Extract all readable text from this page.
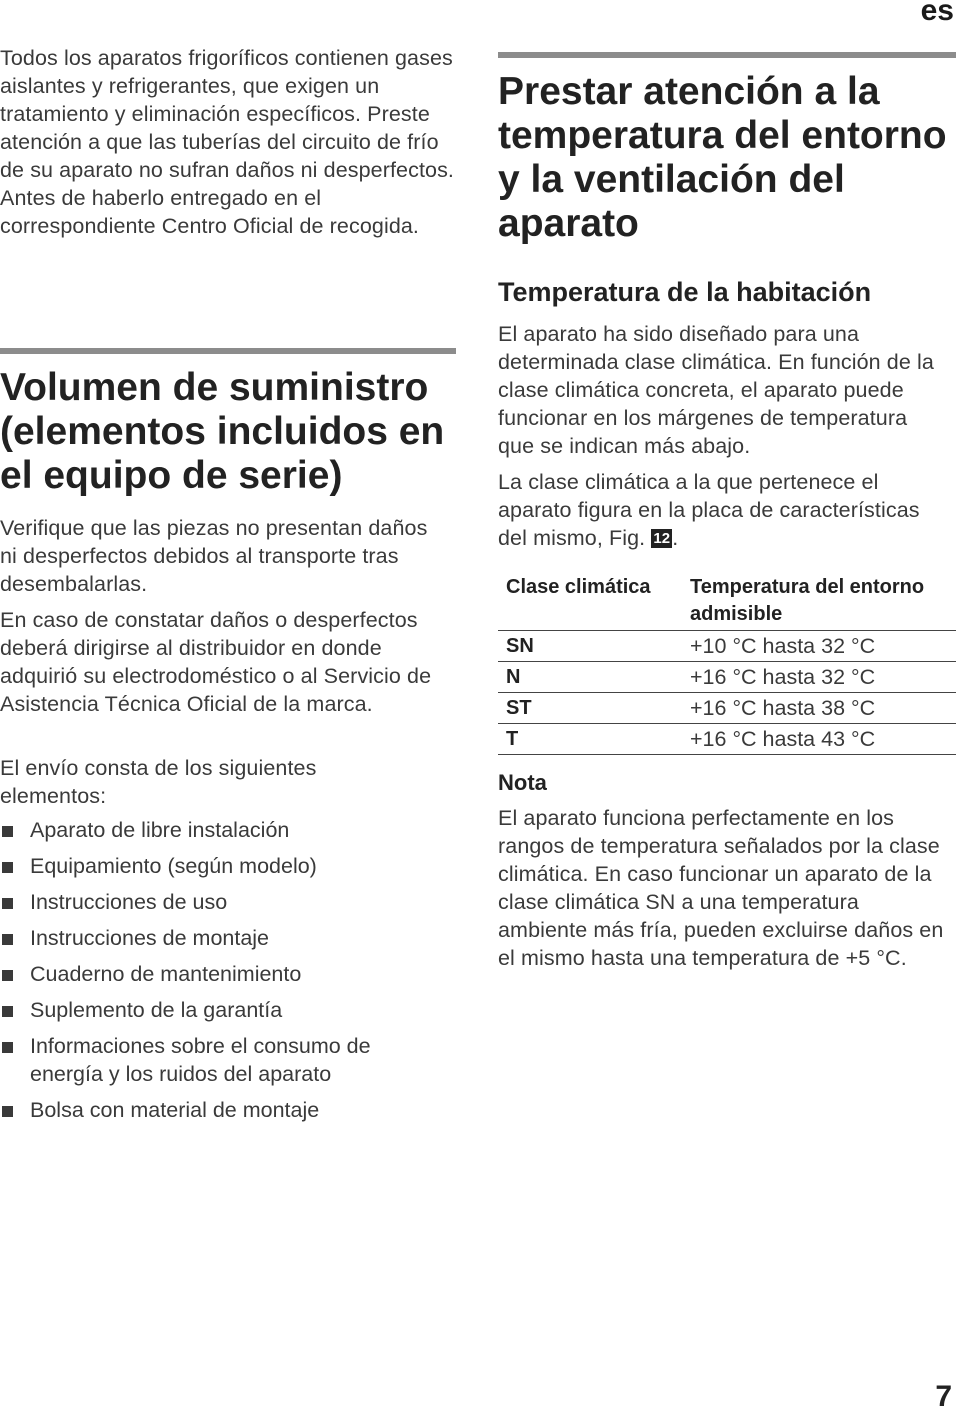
es
Todos los aparatos frigoríficos contienen gases aislantes y refrigerantes, que exigen un tratamiento y eliminación específicos. Preste atención a que las tuberías del circuito de frío de su aparato no sufran daños ni desperfectos. Antes de haberlo entregado en el correspondiente Centro Oficial de recogida.
Volumen de suministro (elementos incluidos en el equipo de serie)
Verifique que las piezas no presentan daños ni desperfectos debidos al transporte tras desembalarlas.
En caso de constatar daños o desperfectos deberá dirigirse al distribuidor en donde adquirió su electrodoméstico o al Servicio de Asistencia Técnica Oficial de la marca.
El envío consta de los siguientes elementos:
Aparato de libre instalación
Equipamiento (según modelo)
Instrucciones de uso
Instrucciones de montaje
Cuaderno de mantenimiento
Suplemento de la garantía
Informaciones sobre el consumo de energía y los ruidos del aparato
Bolsa con material de montaje
Prestar atención a la temperatura del entorno y la ventilación del aparato
Temperatura de la habitación
El aparato ha sido diseñado para una determinada clase climática. En función de la clase climática concreta, el aparato puede funcionar en los márgenes de temperatura que se indican más abajo.
La clase climática a la que pertenece el aparato figura en la placa de características del mismo, Fig. 12.
Clase climática	Temperatura del entorno admisible
SN	+10 °C hasta 32 °C
N	+16 °C hasta 32 °C
ST	+16 °C hasta 38 °C
T	+16 °C hasta 43 °C
Nota
El aparato funciona perfectamente en los rangos de temperatura señalados por la clase climática. En caso funcionar un aparato de la clase climática SN a una temperatura ambiente más fría, pueden excluirse daños en el mismo hasta una temperatura de +5 °C.
7
